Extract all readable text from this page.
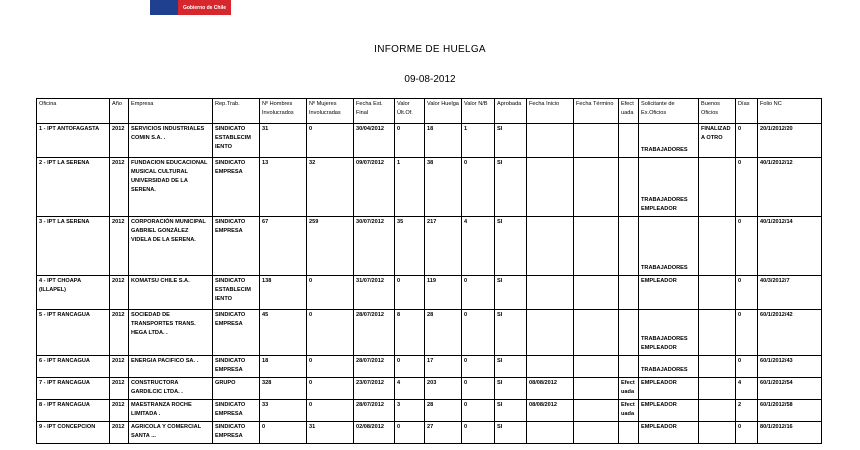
Gobierno de Chile
INFORME DE HUELGA
09-08-2012
Oficina	Año	Empresa	Rep.Trab.	Nº Hombres Involucrados	Nº Mujeres Involucradas	Fecha Est. Final	Valor Últ.Of.	Valor Huelga	Valor N/B	Aprobada	Fecha Inicio	Fecha Término	Efectuada	Solicitante de Ex.Oficios	Buenos Oficios	Días	Folio NC
1 - IPT ANTOFAGASTA	2012	SERVICIOS INDUSTRIALES COMIN S.A. .	SINDICATO ESTABLECIM IENTO	31	0	30/04/2012	0	18	1	SI				TRABAJADORES	FINALIZAD A OTRO	0	20/1/2012/20
2 - IPT LA SERENA	2012	FUNDACION EDUCACIONAL MUSICAL CULTURAL UNIVERSIDAD DE LA SERENA.	SINDICATO EMPRESA	13	32	09/07/2012	1	38	0	SI				TRABAJADORES EMPLEADOR		0	40/1/2012/12
3 - IPT LA SERENA	2012	CORPORACIÓN MUNICIPAL GABRIEL GONZÁLEZ VIDELA DE LA SERENA.	SINDICATO EMPRESA	67	259	30/07/2012	35	217	4	SI				TRABAJADORES		0	40/1/2012/14
4 - IPT CHOAPA (ILLAPEL)	2012	KOMATSU CHILE S.A.	SINDICATO ESTABLECIM IENTO	138	0	31/07/2012	0	119	0	SI				EMPLEADOR		0	40/3/2012/7
5 - IPT RANCAGUA	2012	SOCIEDAD DE TRANSPORTES TRANS. HEGA LTDA. .	SINDICATO EMPRESA	45	0	28/07/2012	8	28	0	SI				TRABAJADORES EMPLEADOR		0	60/1/2012/42
6 - IPT RANCAGUA	2012	ENERGIA PACIFICO SA. .	SINDICATO EMPRESA	18	0	28/07/2012	0	17	0	SI				TRABAJADORES		0	60/1/2012/43
7 - IPT RANCAGUA	2012	CONSTRUCTORA GARDILCIC LTDA. .	GRUPO	328	0	23/07/2012	4	203	0	SI	08/08/2012		Efectuada	EMPLEADOR		4	60/1/2012/54
8 - IPT RANCAGUA	2012	MAESTRANZA ROCHE LIMITADA .	SINDICATO EMPRESA	33	0	28/07/2012	3	28	0	SI	08/08/2012		Efectuada	EMPLEADOR		2	60/1/2012/58
9 - IPT CONCEPCION	2012	AGRICOLA Y COMERCIAL SANTA ...	SINDICATO EMPRESA	0	31	02/08/2012	0	27	0	SI				EMPLEADOR		0	80/1/2012/16
